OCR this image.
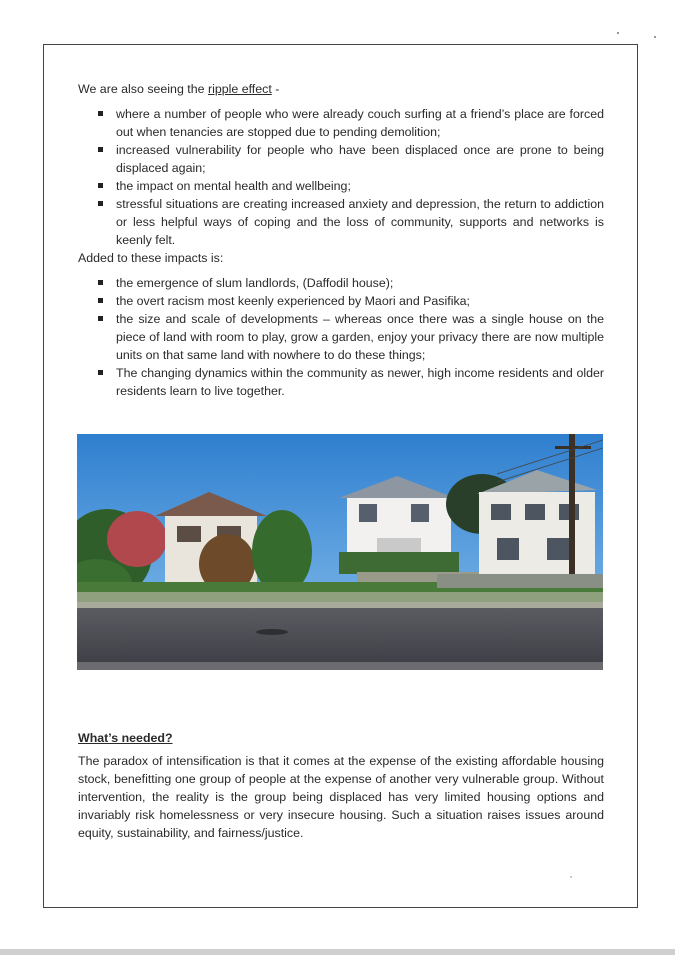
We are also seeing the ripple effect -

where a number of people who were already couch surfing at a friend’s place are forced out when tenancies are stopped due to pending demolition;
increased vulnerability for people who have been displaced once are prone to being displaced again;
the impact on mental health and wellbeing;
stressful situations are creating increased anxiety and depression, the return to addiction or less helpful ways of coping and the loss of community, supports and networks is keenly felt.

Added to these impacts is:

the emergence of slum landlords, (Daffodil house);
the overt racism most keenly experienced by Maori and Pasifika;
the size and scale of developments – whereas once there was a single house on the piece of land with room to play, grow a garden, enjoy your privacy there are now multiple units on that same land with nowhere to do these things;
The changing dynamics within the community as newer, high income residents and older residents learn to live together.

What’s needed?

The paradox of intensification is that it comes at the expense of the existing affordable housing stock, benefitting one group of people at the expense of another very vulnerable group. Without intervention, the reality is the group being displaced has very limited housing options and invariably risk homelessness or very insecure housing. Such a situation raises issues around equity, sustainability, and fairness/justice.
